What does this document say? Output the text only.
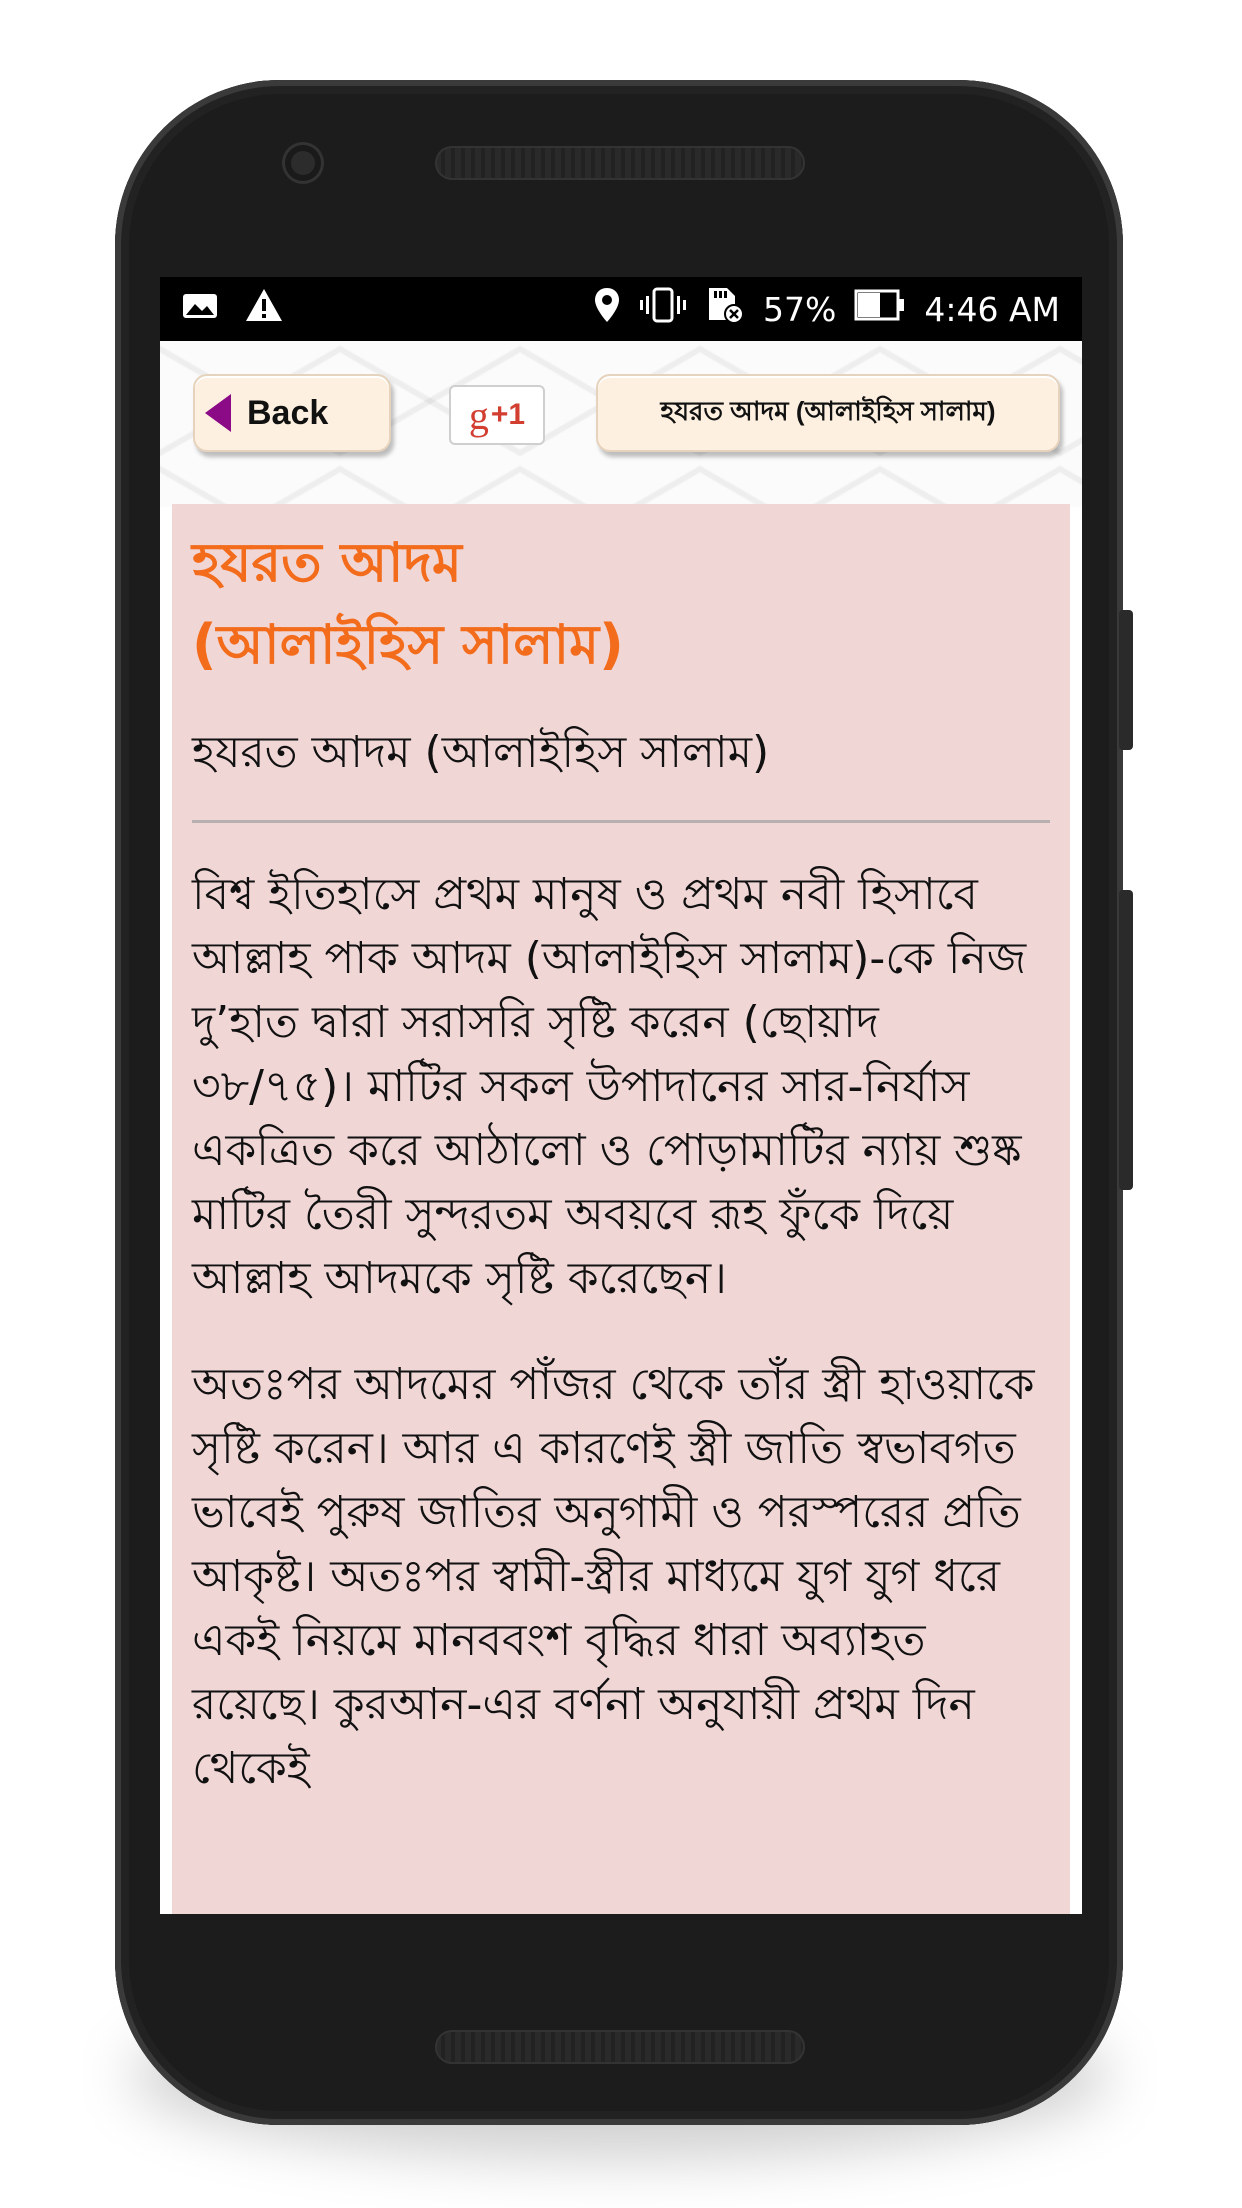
57%	4:46 AM
Back	g +1	হযরত আদম (আলাইহিস সালাম)
হযরত আদম
(আলাইহিস সালাম)

হযরত আদম (আলাইহিস সালাম)

বিশ্ব ইতিহাসে প্রথম মানুষ ও প্রথম নবী হিসাবে আল্লাহ পাক আদম (আলাইহিস সালাম)-কে নিজ দু’হাত দ্বারা সরাসরি সৃষ্টি করেন (ছোয়াদ ৩৮/৭৫)। মাটির সকল উপাদানের সার-নির্যাস একত্রিত করে আঠালো ও পোড়ামাটির ন্যায় শুষ্ক মাটির তৈরী সুন্দরতম অবয়বে রূহ ফুঁকে দিয়ে আল্লাহ আদমকে সৃষ্টি করেছেন।

অতঃপর আদমের পাঁজর থেকে তাঁর স্ত্রী হাওয়াকে সৃষ্টি করেন। আর এ কারণেই স্ত্রী জাতি স্বভাবগত ভাবেই পুরুষ জাতির অনুগামী ও পরস্পরের প্রতি আকৃষ্ট। অতঃপর স্বামী-স্ত্রীর মাধ্যমে যুগ যুগ ধরে একই নিয়মে মানববংশ বৃদ্ধির ধারা অব্যাহত রয়েছে। কুরআন-এর বর্ণনা অনুযায়ী প্রথম দিন থেকেই
